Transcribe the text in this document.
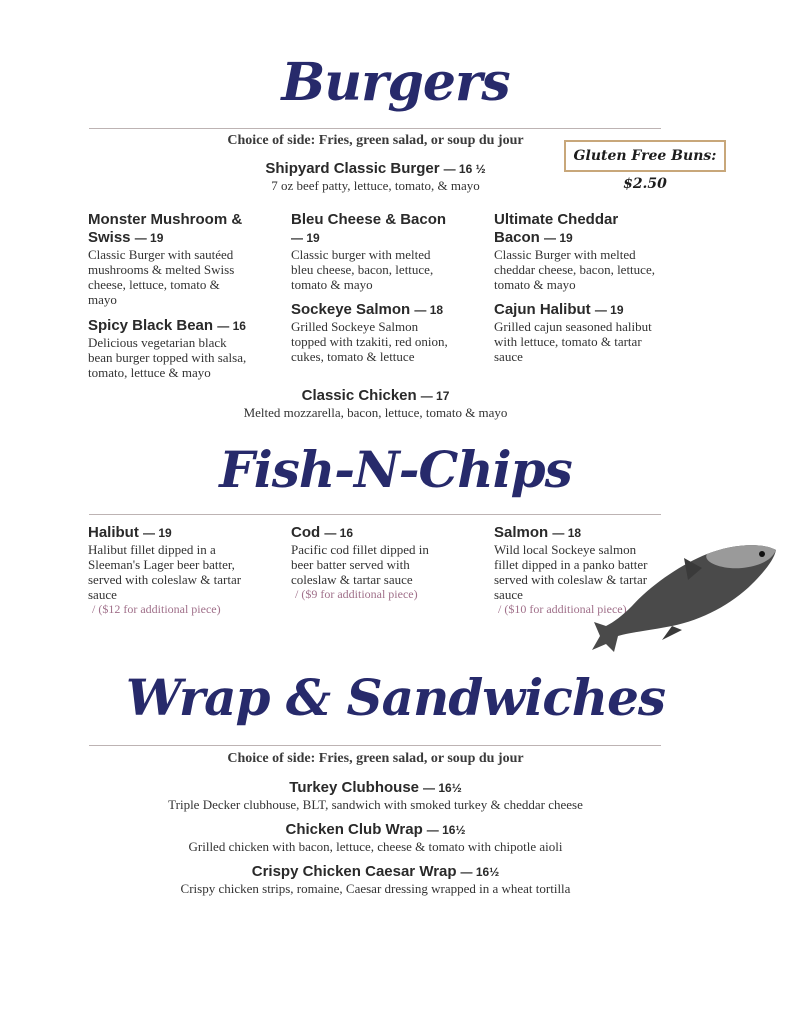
Burgers
Choice of side: Fries, green salad, or soup du jour
Gluten Free Buns: $2.50
Shipyard Classic Burger — 16 ½
7 oz beef patty, lettuce, tomato, & mayo
Monster Mushroom & Swiss — 19
Classic Burger with sautéed mushrooms & melted Swiss cheese, lettuce, tomato & mayo
Bleu Cheese & Bacon — 19
Classic burger with melted bleu cheese, bacon, lettuce, tomato & mayo
Ultimate Cheddar Bacon — 19
Classic Burger with melted cheddar cheese, bacon, lettuce, tomato & mayo
Spicy Black Bean — 16
Delicious vegetarian black bean burger topped with salsa, tomato, lettuce & mayo
Sockeye Salmon — 18
Grilled Sockeye Salmon topped with tzakiti, red onion, cukes, tomato & lettuce
Cajun Halibut — 19
Grilled cajun seasoned halibut with lettuce, tomato & tartar sauce
Classic Chicken — 17
Melted mozzarella, bacon, lettuce, tomato & mayo
Fish-N-Chips
Halibut — 19
Halibut fillet dipped in a Sleeman's Lager beer batter, served with coleslaw & tartar sauce
/ ($12 for additional piece)
Cod — 16
Pacific cod fillet dipped in beer batter served with coleslaw & tartar sauce
/ ($9 for additional piece)
Salmon — 18
Wild local Sockeye salmon fillet dipped in a panko batter served with coleslaw & tartar sauce
/ ($10 for additional piece)
Wrap & Sandwiches
Choice of side: Fries, green salad, or soup du jour
Turkey Clubhouse — 16½
Triple Decker clubhouse, BLT, sandwich with smoked turkey & cheddar cheese
Chicken Club Wrap — 16½
Grilled chicken with bacon, lettuce, cheese & tomato with chipotle aioli
Crispy Chicken Caesar Wrap — 16½
Crispy chicken strips, romaine, Caesar dressing wrapped in a wheat tortilla
